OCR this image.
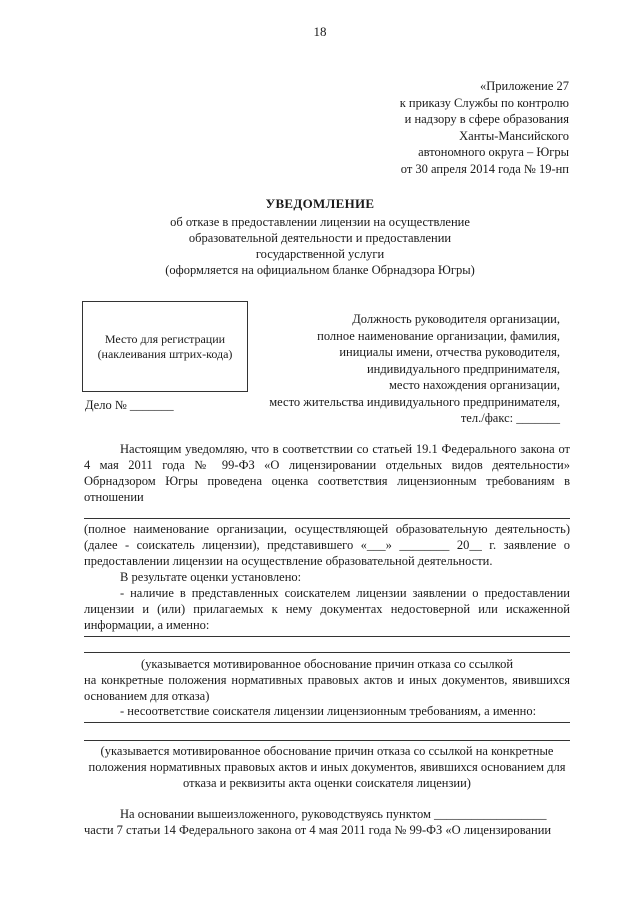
18
«Приложение 27
к приказу Службы по контролю
и надзору в сфере образования
Ханты-Мансийского
автономного округа – Югры
от 30 апреля 2014 года № 19-нп
УВЕДОМЛЕНИЕ
об отказе в предоставлении лицензии на осуществление
образовательной деятельности и предоставлении
государственной услуги
(оформляется на официальном бланке Обрнадзора Югры)
Место для регистрации
(наклеивания штрих-кода)
Должность руководителя организации,
полное наименование организации, фамилия,
инициалы имени, отчества руководителя,
индивидуального предпринимателя,
место нахождения организации,
место жительства индивидуального предпринимателя,
тел./факс: _______
Дело № _______
Настоящим уведомляю, что в соответствии со статьей 19.1 Федерального закона от 4 мая 2011 года № 99-ФЗ «О лицензировании отдельных видов деятельности» Обрнадзором Югры проведена оценка соответствия лицензионным требованиям в отношении
(полное наименование организации, осуществляющей образовательную деятельность) (далее - соискатель лицензии), представившего «___» ________ 20__ г. заявление о предоставлении лицензии на осуществление образовательной деятельности.
В результате оценки установлено:
- наличие в представленных соискателем лицензии заявлении о предоставлении лицензии и (или) прилагаемых к нему документах недостоверной или искаженной информации, а именно:
(указывается мотивированное обоснование причин отказа со ссылкой
на конкретные положения нормативных правовых актов и иных документов, явившихся основанием для отказа)
- несоответствие соискателя лицензии лицензионным требованиям, а именно:
(указывается мотивированное обоснование причин отказа со ссылкой на конкретные положения нормативных правовых актов и иных документов, явившихся основанием для отказа и реквизиты акта оценки соискателя лицензии)
На основании вышеизложенного, руководствуясь пунктом __________________
части 7 статьи 14 Федерального закона от 4 мая 2011 года № 99-ФЗ «О лицензировании
